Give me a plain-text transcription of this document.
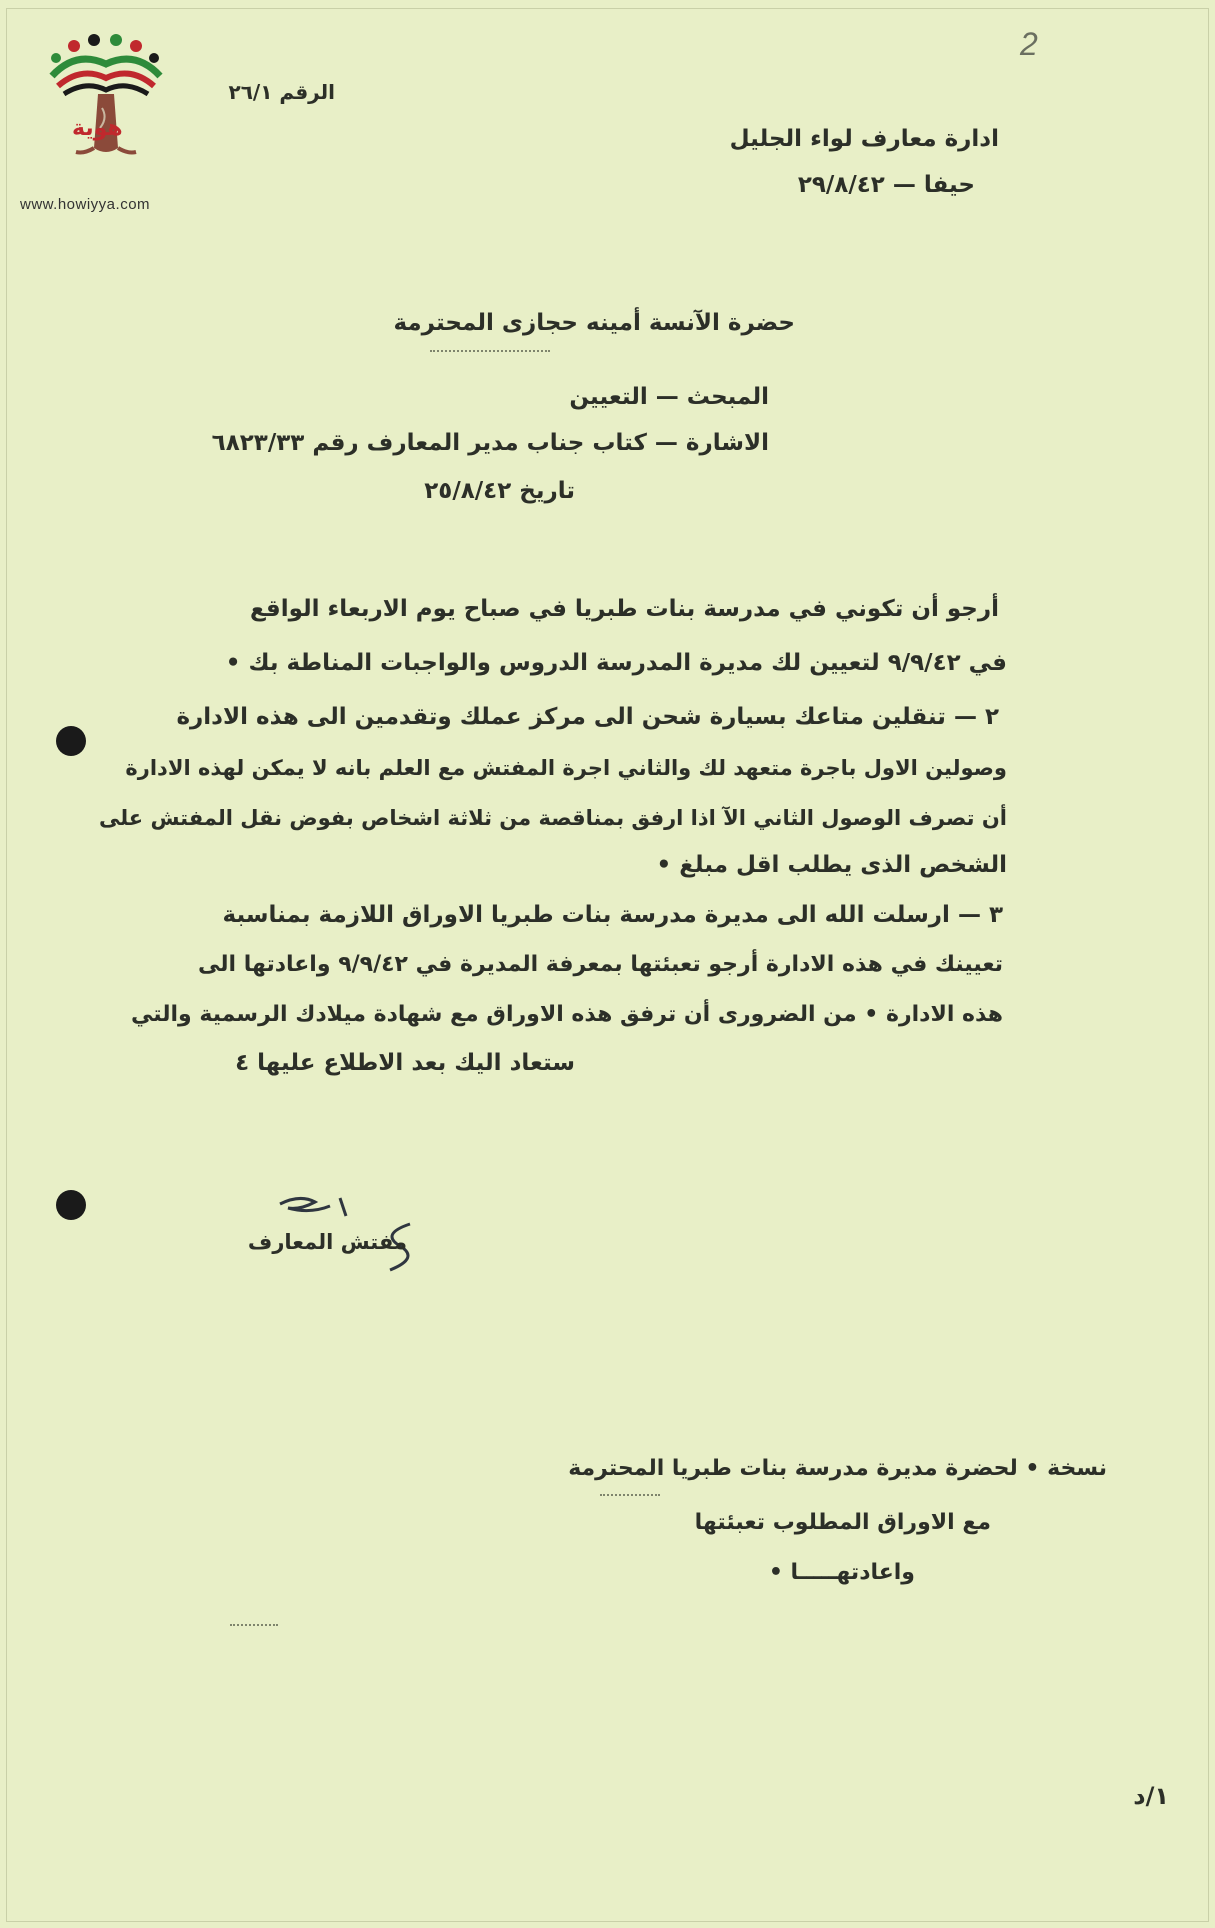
هوية
www.howiyya.com
2
الرقم ٢٦/١
ادارة معارف لواء الجليل
حيفا — ٢٩/٨/٤٢
حضرة الآنسة أمينه حجازى المحترمة
المبحث — التعيين
الاشارة — كتاب جناب مدير المعارف رقم ٦٨٢٣/٣٣
تاريخ ٢٥/٨/٤٢
أرجو أن تكوني في مدرسة بنات طبريا في صباح يوم الاربعاء الواقع
في ٩/٩/٤٢ لتعيين لك مديرة المدرسة الدروس والواجبات المناطة بك •
٢ — تنقلين متاعك بسيارة شحن الى مركز عملك وتقدمين الى هذه الادارة
وصولين الاول باجرة متعهد لك والثاني اجرة المفتش مع العلم بانه لا يمكن لهذه الادارة
أن تصرف الوصول الثاني الآ اذا ارفق بمناقصة من ثلاثة اشخاص بفوض نقل المفتش على
الشخص الذى يطلب اقل مبلغ •
٣ — ارسلت الله الى مديرة مدرسة بنات طبريا الاوراق اللازمة بمناسبة
تعيينك في هذه الادارة أرجو تعبئتها بمعرفة المديرة في ٩/٩/٤٢ واعادتها الى
هذه الادارة • من الضرورى أن ترفق هذه الاوراق مع شهادة ميلادك الرسمية والتي
ستعاد اليك بعد الاطلاع عليها ٤
مفتش المعارف
نسخة • لحضرة مديرة مدرسة بنات طبريا المحترمة
مع الاوراق المطلوب تعبئتها
واعادتهـــــا •
١/د
